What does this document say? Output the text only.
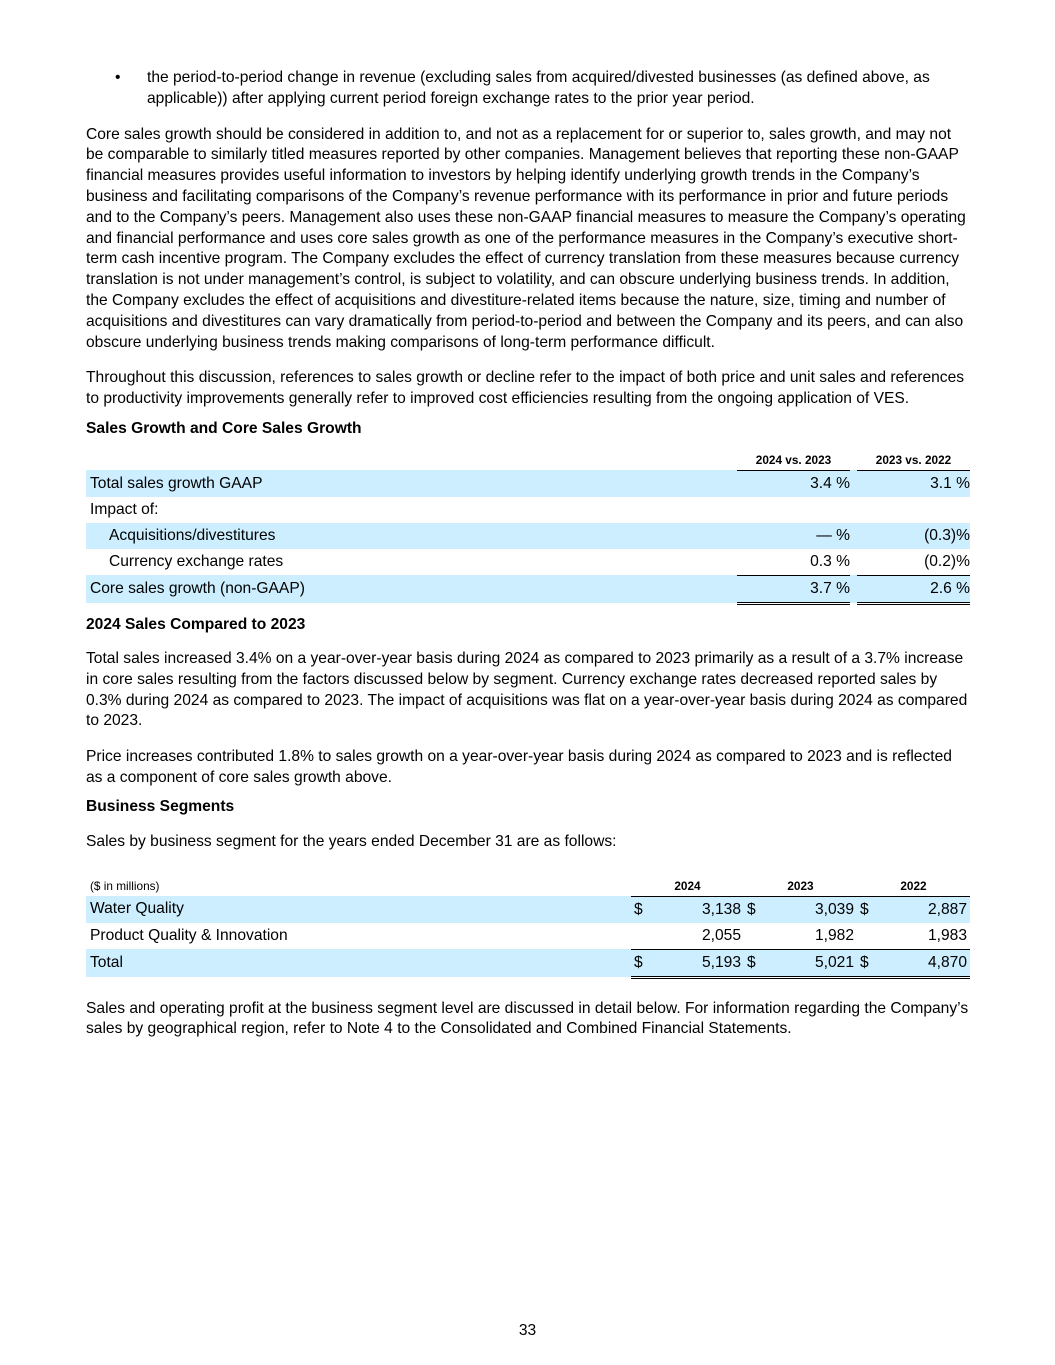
• the period-to-period change in revenue (excluding sales from acquired/divested businesses (as defined above, as applicable)) after applying current period foreign exchange rates to the prior year period.

Core sales growth should be considered in addition to, and not as a replacement for or superior to, sales growth, and may not be comparable to similarly titled measures reported by other companies. Management believes that reporting these non-GAAP financial measures provides useful information to investors by helping identify underlying growth trends in the Company’s business and facilitating comparisons of the Company’s revenue performance with its performance in prior and future periods and to the Company’s peers. Management also uses these non-GAAP financial measures to measure the Company’s operating and financial performance and uses core sales growth as one of the performance measures in the Company’s executive short-term cash incentive program. The Company excludes the effect of currency translation from these measures because currency translation is not under management’s control, is subject to volatility, and can obscure underlying business trends. In addition, the Company excludes the effect of acquisitions and divestiture-related items because the nature, size, timing and number of acquisitions and divestitures can vary dramatically from period-to-period and between the Company and its peers, and can also obscure underlying business trends making comparisons of long-term performance difficult.

Throughout this discussion, references to sales growth or decline refer to the impact of both price and unit sales and references to productivity improvements generally refer to improved cost efficiencies resulting from the ongoing application of VES.

Sales Growth and Core Sales Growth
	2024 vs. 2023		2023 vs. 2022
Total sales growth GAAP	3.4 %		3.1 %
Impact of:			
Acquisitions/divestitures	— %		(0.3)%
Currency exchange rates	0.3 %		(0.2)%
Core sales growth (non-GAAP)	3.7 %		2.6 %
2024 Sales Compared to 2023

Total sales increased 3.4% on a year-over-year basis during 2024 as compared to 2023 primarily as a result of a 3.7% increase in core sales resulting from the factors discussed below by segment. Currency exchange rates decreased reported sales by 0.3% during 2024 as compared to 2023. The impact of acquisitions was flat on a year-over-year basis during 2024 as compared to 2023.

Price increases contributed 1.8% to sales growth on a year-over-year basis during 2024 as compared to 2023 and is reflected as a component of core sales growth above.

Business Segments

Sales by business segment for the years ended December 31 are as follows:

($ in millions)	2024		2023		2022	
Water Quality	$	3,138		$	3,039		$	2,887
Product Quality & Innovation		2,055			1,982			1,983
Total	$	5,193		$	5,021		$	4,870

Sales and operating profit at the business segment level are discussed in detail below. For information regarding the Company’s sales by geographical region, refer to Note 4 to the Consolidated and Combined Financial Statements.

33
